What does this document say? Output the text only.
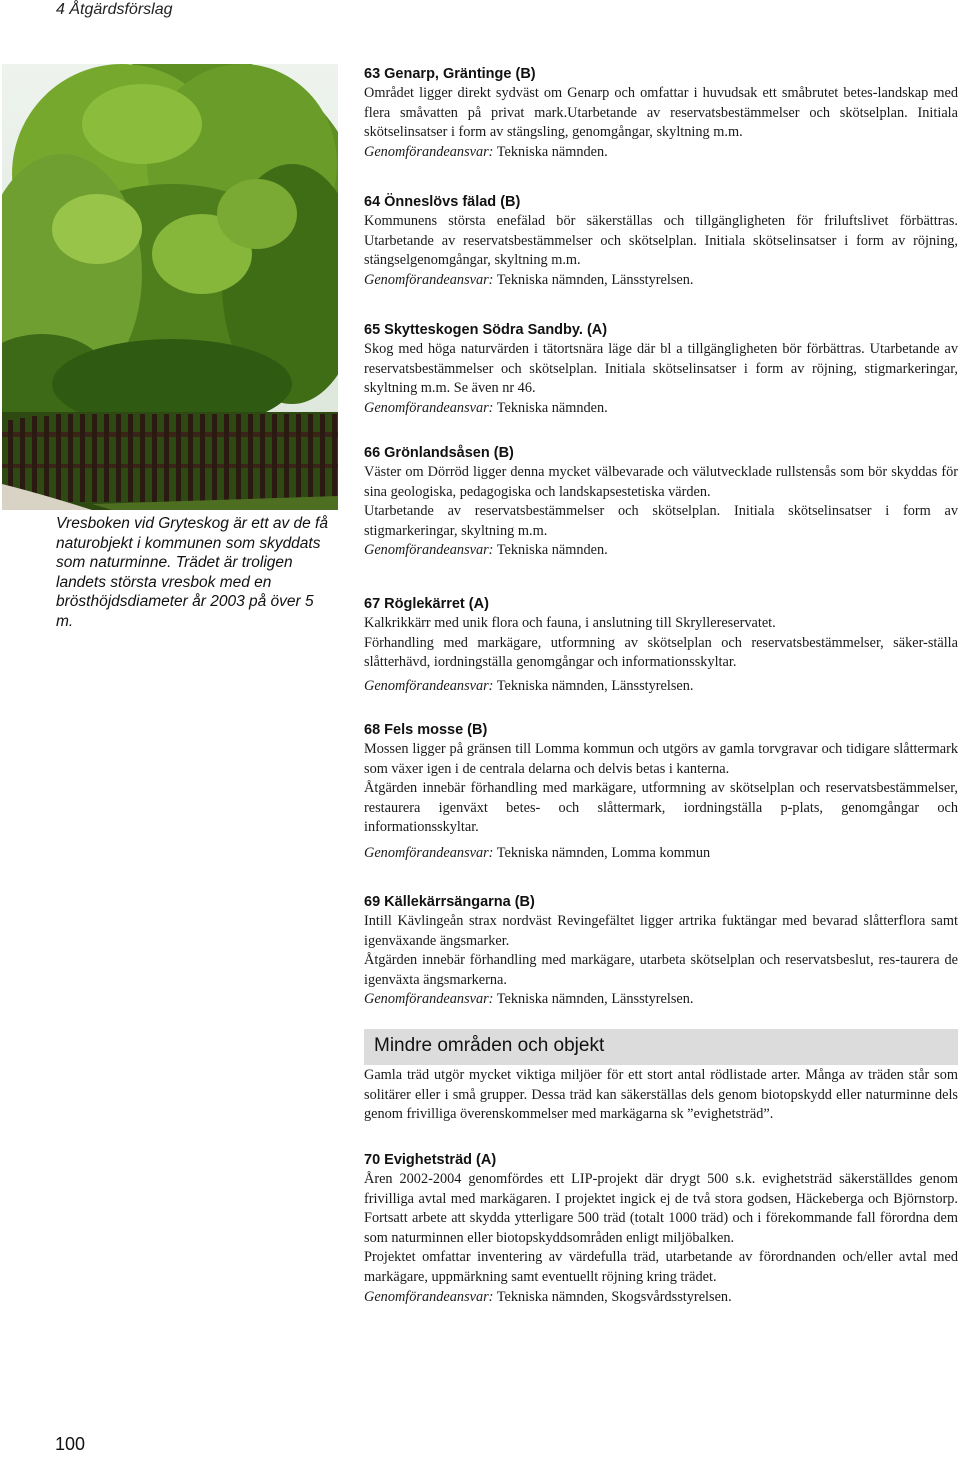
4 Åtgärdsförslag
Vresboken vid Gryteskog är ett av de få naturobjekt i kommunen som skyddats som naturminne. Trädet är troligen landets största vresbok med en brösthöjdsdiameter år 2003 på över 5 m.
63 Genarp, Gräntinge (B)

Området ligger direkt sydväst om Genarp och omfattar i huvudsak ett småbrutet betes-landskap med flera småvatten på privat mark.Utarbetande av reservatsbestämmelser och skötselplan. Initiala skötselinsatser i form av stängsling, genomgångar, skyltning m.m.

Genomförandeansvar: Tekniska nämnden.
64 Önneslövs fälad (B)

Kommunens största enefälad bör säkerställas och tillgängligheten för friluftslivet förbättras. Utarbetande av reservatsbestämmelser och skötselplan. Initiala skötselinsatser i form av röjning, stängselgenomgångar, skyltning m.m.

Genomförandeansvar: Tekniska nämnden, Länsstyrelsen.
65 Skytteskogen Södra Sandby. (A)

Skog med höga naturvärden i tätortsnära läge där bl a tillgängligheten bör förbättras. Utarbetande av reservatsbestämmelser och skötselplan. Initiala skötselinsatser i form av röjning, stigmarkeringar, skyltning m.m. Se även nr 46.

Genomförandeansvar: Tekniska nämnden.
66 Grönlandsåsen (B)

Väster om Dörröd ligger denna mycket välbevarade och välutvecklade rullstensås som bör skyddas för sina geologiska, pedagogiska och landskapsestetiska värden.

Utarbetande av reservatsbestämmelser och skötselplan. Initiala skötselinsatser i form av stigmarkeringar, skyltning m.m.

Genomförandeansvar: Tekniska nämnden.
67 Röglekärret (A)

Kalkrikkärr med unik flora och fauna, i anslutning till Skryllereservatet.

Förhandling med markägare, utformning av skötselplan och reservatsbestämmelser, säker-ställa slåtterhävd, iordningställa genomgångar och informationsskyltar.

Genomförandeansvar: Tekniska nämnden, Länsstyrelsen.
68 Fels mosse (B)

Mossen ligger på gränsen till Lomma kommun och utgörs av gamla torvgravar och tidigare slåttermark som växer igen i de centrala delarna och delvis betas i kanterna.

Åtgärden innebär förhandling med markägare, utformning av skötselplan och reservatsbestämmelser, restaurera igenväxt betes- och slåttermark, iordningställa p-plats, genomgångar och informationsskyltar.

Genomförandeansvar: Tekniska nämnden, Lomma kommun
69 Källekärrsängarna (B)

Intill Kävlingeån strax nordväst Revingefältet ligger artrika fuktängar med bevarad slåtterflora samt igenväxande ängsmarker.

Åtgärden innebär förhandling med markägare, utarbeta skötselplan och reservatsbeslut, res-taurera de igenväxta ängsmarkerna.

Genomförandeansvar: Tekniska nämnden, Länsstyrelsen.
Mindre områden och objekt

Gamla träd utgör mycket viktiga miljöer för ett stort antal rödlistade arter. Många av träden står som solitärer eller i små grupper. Dessa träd kan säkerställas dels genom biotopskydd eller naturminne dels genom frivilliga överenskommelser med markägarna sk ”evighetsträd”.

70 Evighetsträd (A)

Åren 2002-2004 genomfördes ett LIP-projekt där drygt 500 s.k. evighetsträd säkerställdes genom frivilliga avtal med markägaren. I projektet ingick ej de två stora godsen, Häckeberga och Björnstorp. Fortsatt arbete att skydda ytterligare 500 träd (totalt 1000 träd) och i förekommande fall förordna dem som naturminnen eller biotopskyddsområden enligt miljöbalken.

Projektet omfattar inventering av värdefulla träd, utarbetande av förordnanden och/eller avtal med markägare, uppmärkning samt eventuellt röjning kring trädet.

Genomförandeansvar: Tekniska nämnden, Skogsvårdsstyrelsen.
100
